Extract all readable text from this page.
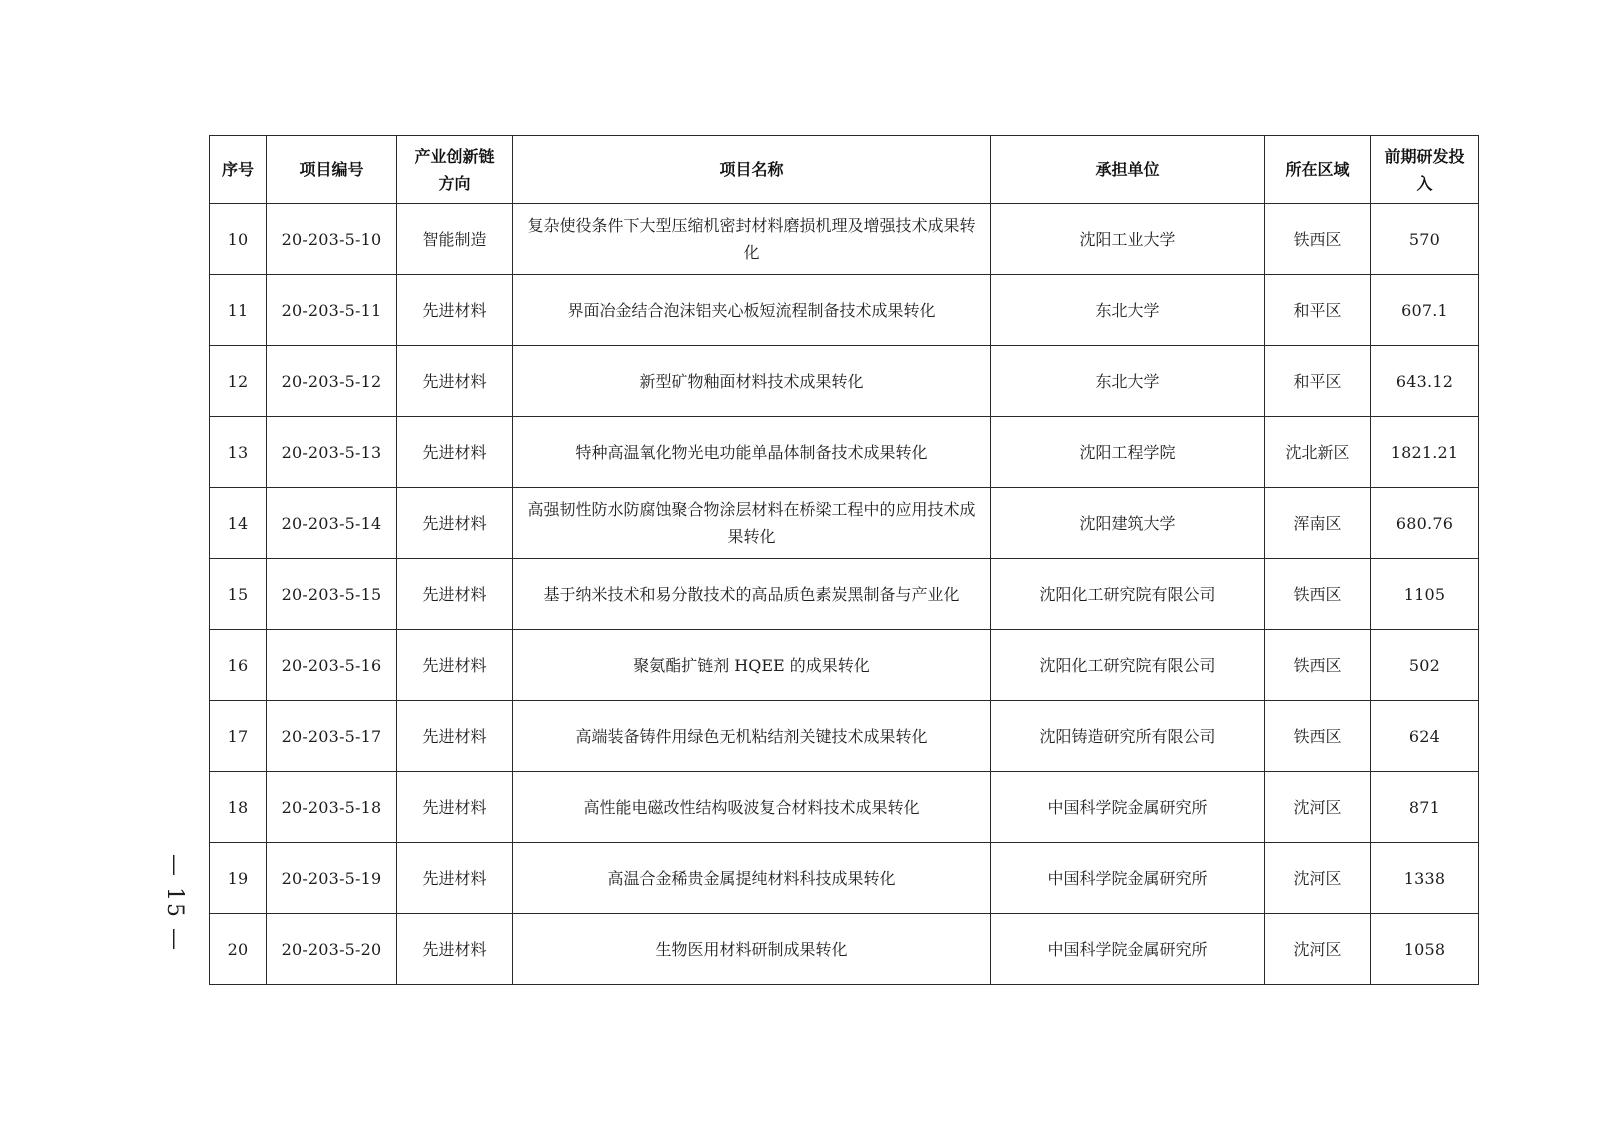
序号	项目编号	产业创新链方向	项目名称	承担单位	所在区域	前期研发投入
10	20-203-5-10	智能制造	复杂使役条件下大型压缩机密封材料磨损机理及增强技术成果转化	沈阳工业大学	铁西区	570
11	20-203-5-11	先进材料	界面冶金结合泡沫铝夹心板短流程制备技术成果转化	东北大学	和平区	607.1
12	20-203-5-12	先进材料	新型矿物釉面材料技术成果转化	东北大学	和平区	643.12
13	20-203-5-13	先进材料	特种高温氧化物光电功能单晶体制备技术成果转化	沈阳工程学院	沈北新区	1821.21
14	20-203-5-14	先进材料	高强韧性防水防腐蚀聚合物涂层材料在桥梁工程中的应用技术成果转化	沈阳建筑大学	浑南区	680.76
15	20-203-5-15	先进材料	基于纳米技术和易分散技术的高品质色素炭黑制备与产业化	沈阳化工研究院有限公司	铁西区	1105
16	20-203-5-16	先进材料	聚氨酯扩链剂 HQEE 的成果转化	沈阳化工研究院有限公司	铁西区	502
17	20-203-5-17	先进材料	高端装备铸件用绿色无机粘结剂关键技术成果转化	沈阳铸造研究所有限公司	铁西区	624
18	20-203-5-18	先进材料	高性能电磁改性结构吸波复合材料技术成果转化	中国科学院金属研究所	沈河区	871
19	20-203-5-19	先进材料	高温合金稀贵金属提纯材料科技成果转化	中国科学院金属研究所	沈河区	1338
20	20-203-5-20	先进材料	生物医用材料研制成果转化	中国科学院金属研究所	沈河区	1058
— 15 —
